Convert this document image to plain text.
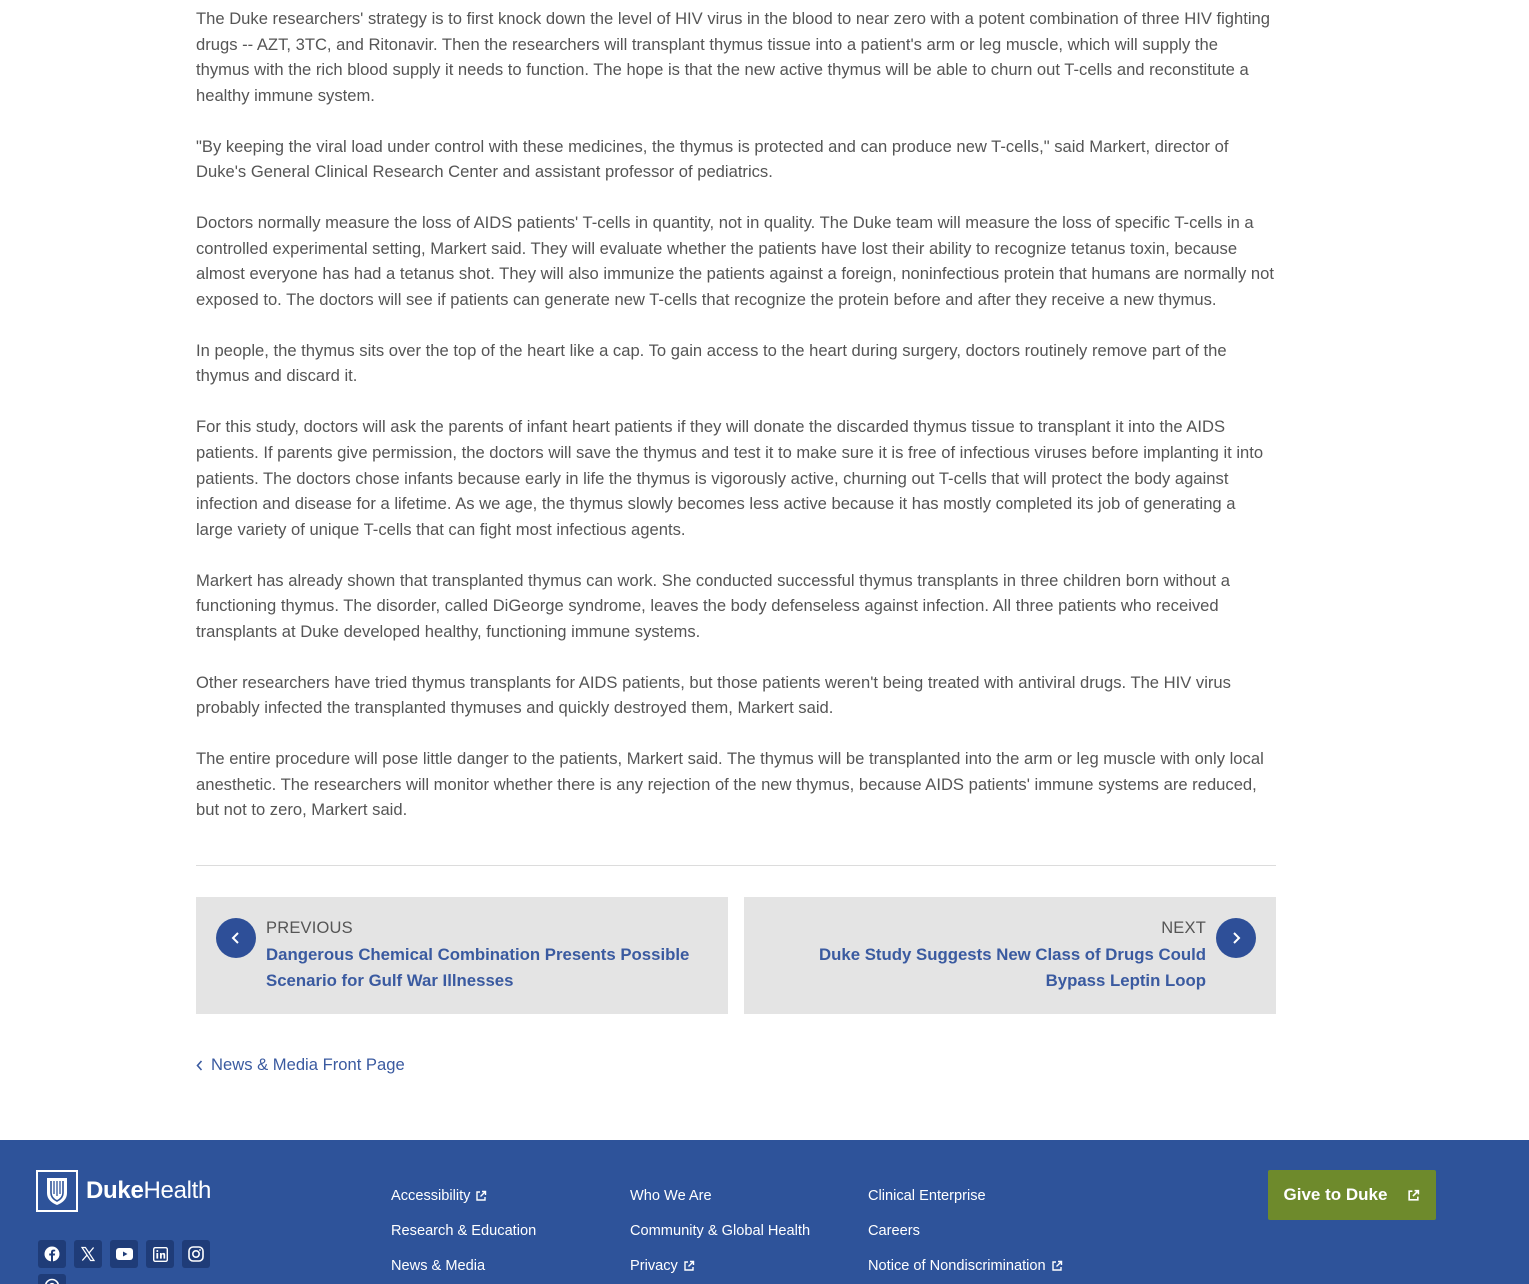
The Duke researchers' strategy is to first knock down the level of HIV virus in the blood to near zero with a potent combination of three HIV fighting drugs -- AZT, 3TC, and Ritonavir. Then the researchers will transplant thymus tissue into a patient's arm or leg muscle, which will supply the thymus with the rich blood supply it needs to function. The hope is that the new active thymus will be able to churn out T-cells and reconstitute a healthy immune system.

"By keeping the viral load under control with these medicines, the thymus is protected and can produce new T-cells," said Markert, director of Duke's General Clinical Research Center and assistant professor of pediatrics.

Doctors normally measure the loss of AIDS patients' T-cells in quantity, not in quality. The Duke team will measure the loss of specific T-cells in a controlled experimental setting, Markert said. They will evaluate whether the patients have lost their ability to recognize tetanus toxin, because almost everyone has had a tetanus shot. They will also immunize the patients against a foreign, noninfectious protein that humans are normally not exposed to. The doctors will see if patients can generate new T-cells that recognize the protein before and after they receive a new thymus.

In people, the thymus sits over the top of the heart like a cap. To gain access to the heart during surgery, doctors routinely remove part of the thymus and discard it.

For this study, doctors will ask the parents of infant heart patients if they will donate the discarded thymus tissue to transplant it into the AIDS patients. If parents give permission, the doctors will save the thymus and test it to make sure it is free of infectious viruses before implanting it into patients. The doctors chose infants because early in life the thymus is vigorously active, churning out T-cells that will protect the body against infection and disease for a lifetime. As we age, the thymus slowly becomes less active because it has mostly completed its job of generating a large variety of unique T-cells that can fight most infectious agents.

Markert has already shown that transplanted thymus can work. She conducted successful thymus transplants in three children born without a functioning thymus. The disorder, called DiGeorge syndrome, leaves the body defenseless against infection. All three patients who received transplants at Duke developed healthy, functioning immune systems.

Other researchers have tried thymus transplants for AIDS patients, but those patients weren't being treated with antiviral drugs. The HIV virus probably infected the transplanted thymuses and quickly destroyed them, Markert said.

The entire procedure will pose little danger to the patients, Markert said. The thymus will be transplanted into the arm or leg muscle with only local anesthetic. The researchers will monitor whether there is any rejection of the new thymus, because AIDS patients' immune systems are reduced, but not to zero, Markert said.

PREVIOUS
Dangerous Chemical Combination Presents Possible Scenario for Gulf War Illnesses
NEXT
Duke Study Suggests New Class of Drugs Could Bypass Leptin Loop
News & Media Front Page
DukeHealth	Accessibility
Research & Education
News & Media
Who We Are
Community & Global Health
Privacy
Clinical Enterprise
Careers
Notice of Nondiscrimination
Give to Duke
